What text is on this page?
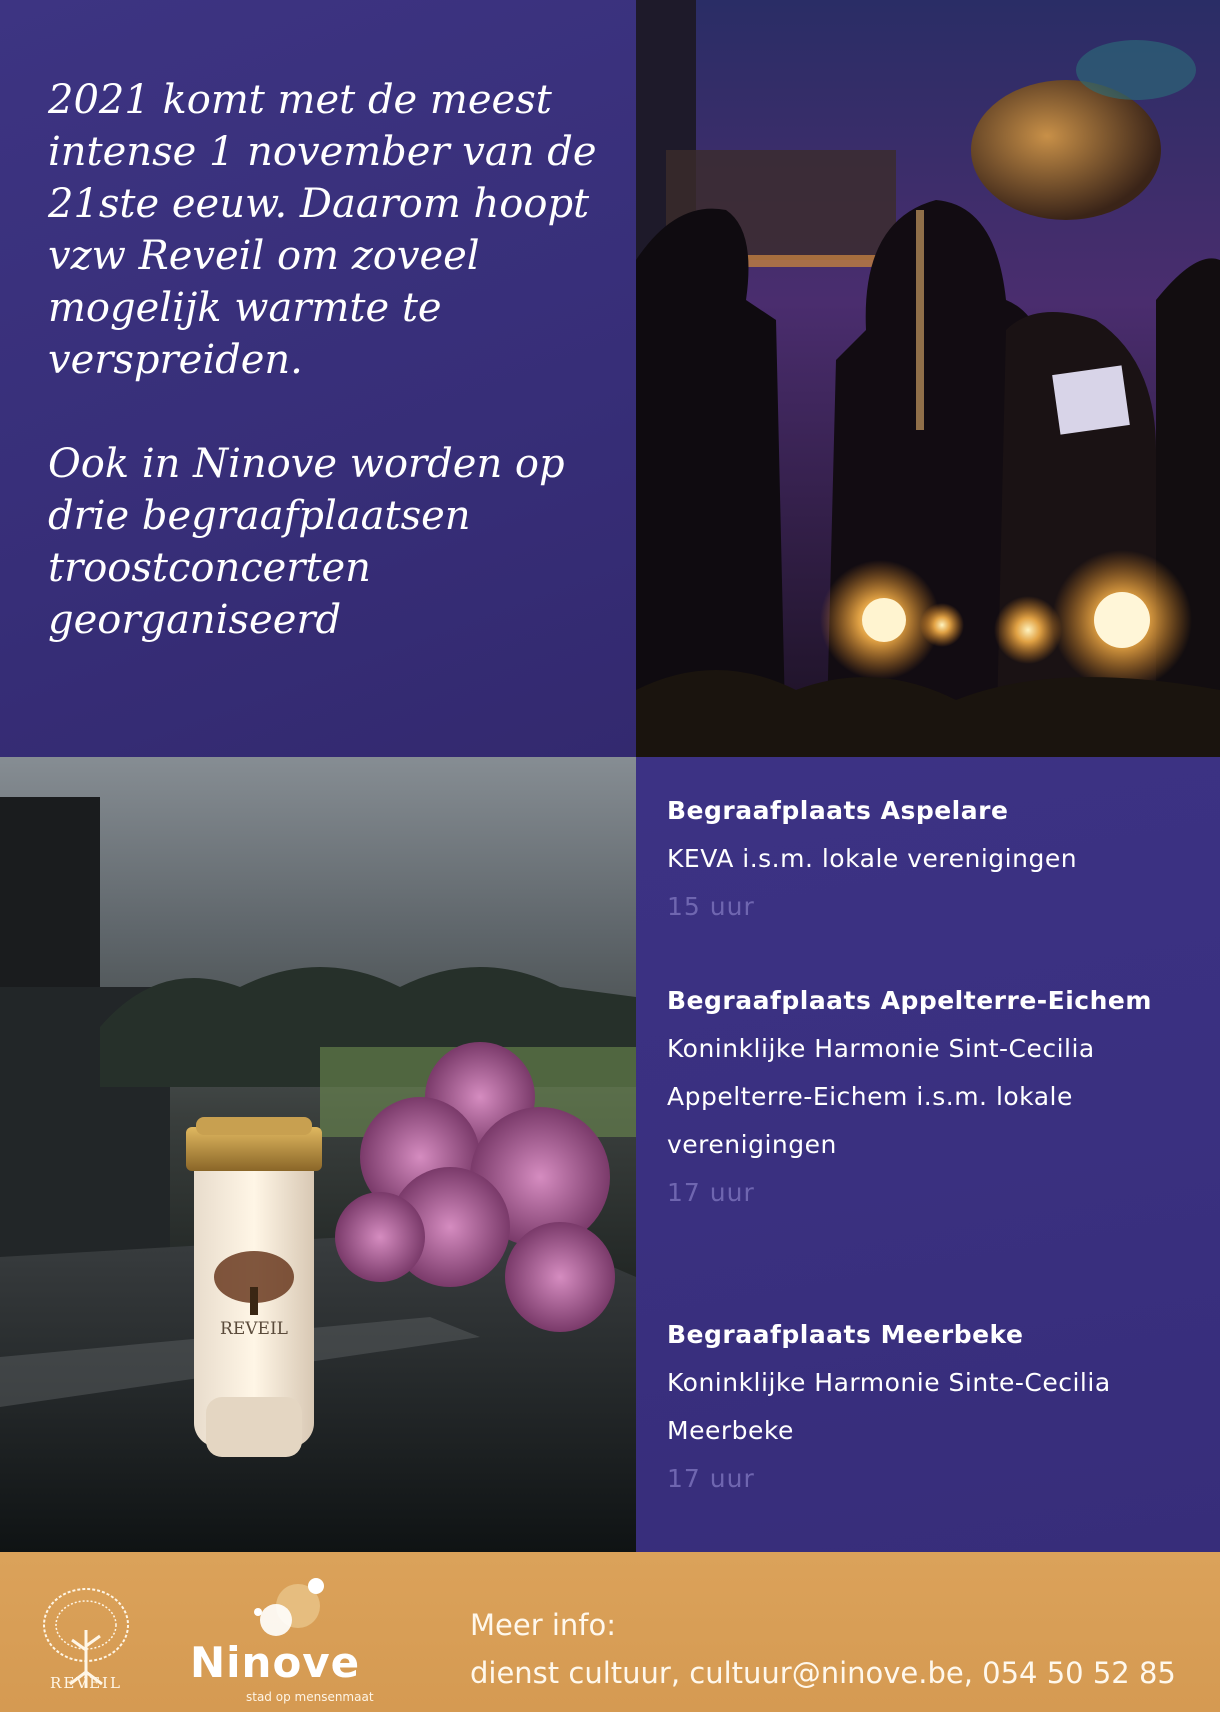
2021 komt met de meest intense 1 november van de 21ste eeuw. Daarom hoopt vzw Reveil om zoveel mogelijk warmte te verspreiden.

Ook in Ninove worden op drie begraafplaatsen troostconcerten georganiseerd

REVEIL
Begraafplaats Aspelare
KEVA i.s.m. lokale verenigingen
15 uur
Begraafplaats Appelterre-Eichem
Koninklijke Harmonie Sint-Cecilia Appelterre-Eichem i.s.m. lokale verenigingen
17 uur
Begraafplaats Meerbeke
Koninklijke Harmonie Sinte-Cecilia Meerbeke
17 uur
REVEIL Ninove
stad op mensenmaat
Meer info:
dienst cultuur, cultuur@ninove.be, 054 50 52 85
